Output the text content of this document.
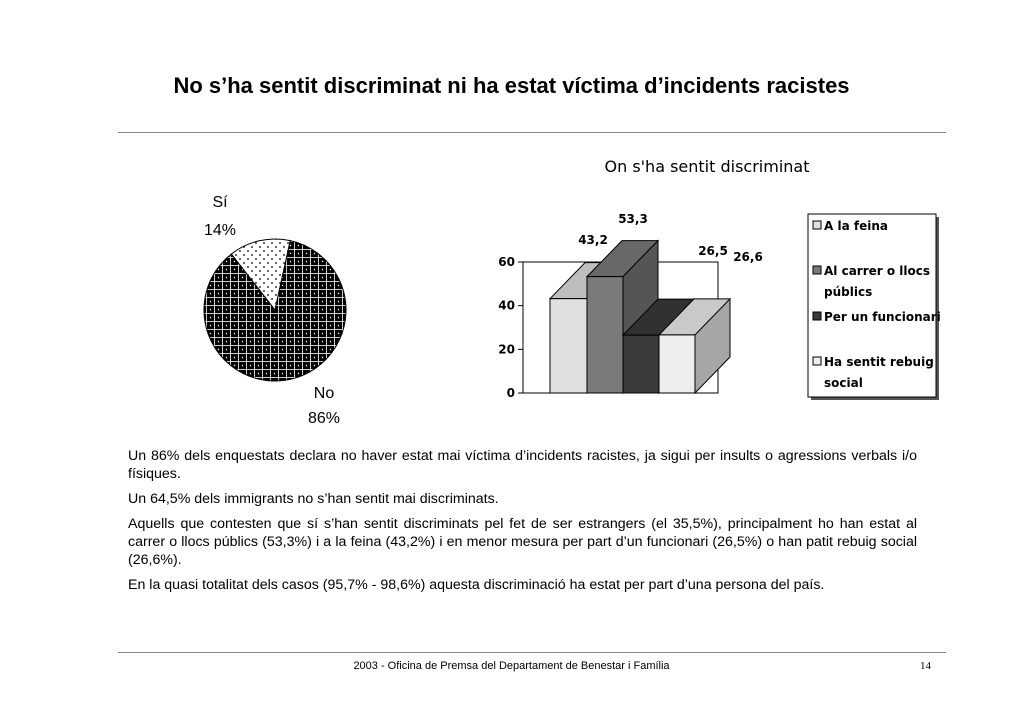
No s’ha sentit discriminat ni ha estat víctima d’incidents racistes
Sí
14%
No
86%
On s'ha sentit discriminat
0
20
40
60
43,2
53,3
26,5 26,6
A la feina
Al carrer o llocs
públics
Per un funcionari
Ha sentit rebuig
social

Un 86% dels enquestats declara no haver estat mai víctima d’incidents racistes, ja sigui per insults o agressions verbals i/o físiques.

Un 64,5% dels immigrants no s’han sentit mai discriminats.

Aquells que contesten que sí s’han sentit discriminats pel fet de ser estrangers (el 35,5%), principalment ho han estat al carrer o llocs públics (53,3%) i a la feina (43,2%) i en menor mesura per part d’un funcionari (26,5%) o han patit rebuig social (26,6%).

En la quasi totalitat dels casos (95,7% - 98,6%) aquesta discriminació ha estat per part d’una persona del país.

2003 - Oficina de Premsa del Departament de Benestar i Família	14
